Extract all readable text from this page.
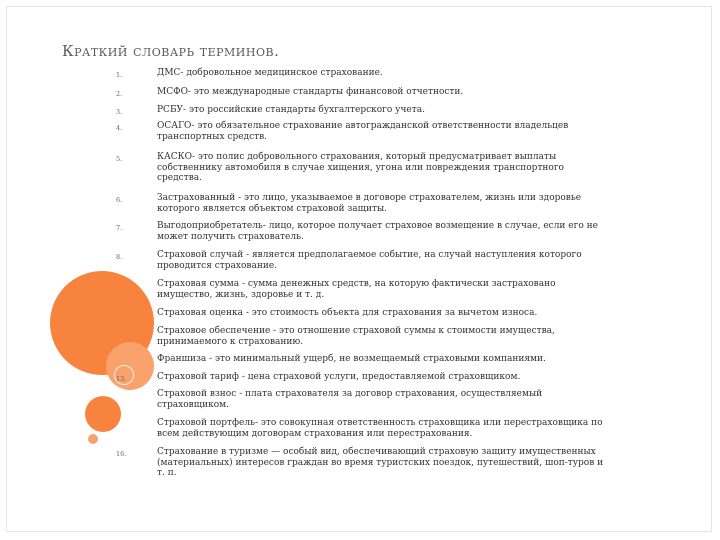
Краткий словарь терминов.
1.	ДМС- добровольное медицинское страхование.
2.	МСФО- это международные стандарты финансовой отчетности.
3.	РСБУ- это российские стандарты бухгалтерского учета.
4.	ОСАГО- это обязательное страхование автогражданской ответственности владельцев транспортных средств.
5.	КАСКО- это полис добровольного страхования, который предусматривает выплаты собственнику автомобиля в случае хищения, угона или повреждения транспортного средства.
6.	Застрахованный - это лицо, указываемое в договоре страхователем, жизнь или здоровье которого является объектом страховой защиты.
7.	Выгодоприобретатель- лицо, которое получает страховое возмещение в случае, если его не может получить страхователь.
8.	Страховой случай - является предполагаемое событие, на случай наступления которого проводится страхование.
Страховая сумма - сумма денежных средств, на которую фактически застраховано имущество, жизнь, здоровье и т. д.
Страховая оценка - это стоимость объекта для страхования за вычетом износа.
Страховое обеспечение - это отношение страховой суммы к стоимости имущества, принимаемого к страхованию.
Франшиза - это минимальный ущерб, не возмещаемый страховыми компаниями.
13.	Страховой тариф - цена страховой услуги, предоставляемой страховщиком.
Страховой взнос - плата страхователя за договор страхования, осуществляемый страховщиком.
Страховой портфель- это совокупная ответственность страховщика или перестраховщика по всем действующим договорам страхования или перестрахования.
16.	Страхование в туризме — особый вид, обеспечивающий страховую защиту имущественных (материальных) интересов граждан во время туристских поездок, путешествий, шоп-туров и т. п.
